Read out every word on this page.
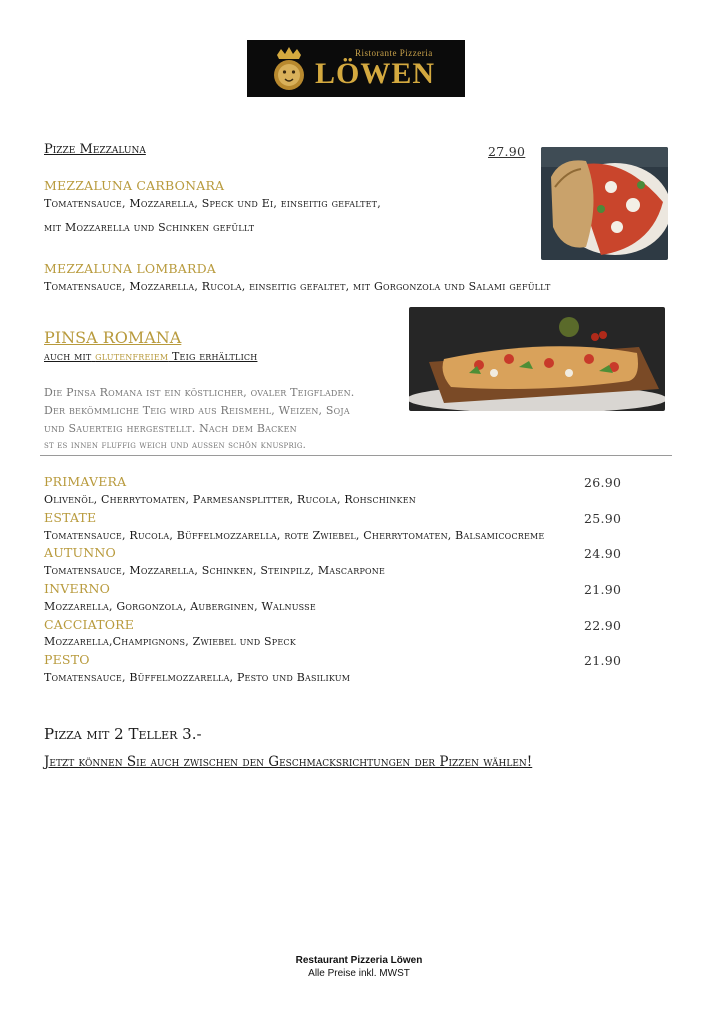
Ristorante Pizzeria
LÖWEN
Pizze Mezzaluna	27.90
MEZZALUNA CARBONARA
Tomatensauce, Mozzarella, Speck und Ei, einseitig gefaltet,
mit Mozzarella und Schinken gefüllt
MEZZALUNA LOMBARDA
Tomatensauce, Mozzarella, Rucola, einseitig gefaltet, mit Gorgonzola und Salami gefüllt
PINSA ROMANA
auch mit glutenfreiem Teig erhältlich
Die Pinsa Romana ist ein köstlicher, ovaler Teigfladen.
Der bekömmliche Teig wird aus Reismehl, Weizen, Soja
und Sauerteig hergestellt. Nach dem Backen
st es innen fluffig weich und aussen schön knusprig.
PRIMAVERA	26.90
Olivenöl, Cherrytomaten, Parmesansplitter, Rucola, Rohschinken
ESTATE	25.90
Tomatensauce, Rucola, Büffelmozzarella, rote Zwiebel, Cherrytomaten, Balsamicocreme
AUTUNNO	24.90
Tomatensauce, Mozzarella, Schinken, Steinpilz, Mascarpone
INVERNO	21.90
Mozzarella, Gorgonzola, Auberginen, Walnusse
CACCIATORE	22.90
Mozzarella,Champignons, Zwiebel und Speck
PESTO	21.90
Tomatensauce, Büffelmozzarella, Pesto und Basilikum
Pizza mit 2 Teller 3.-
Jetzt können Sie auch zwischen den Geschmacksrichtungen der Pizzen wählen!
Restaurant Pizzeria Löwen
Alle Preise inkl. MWST
